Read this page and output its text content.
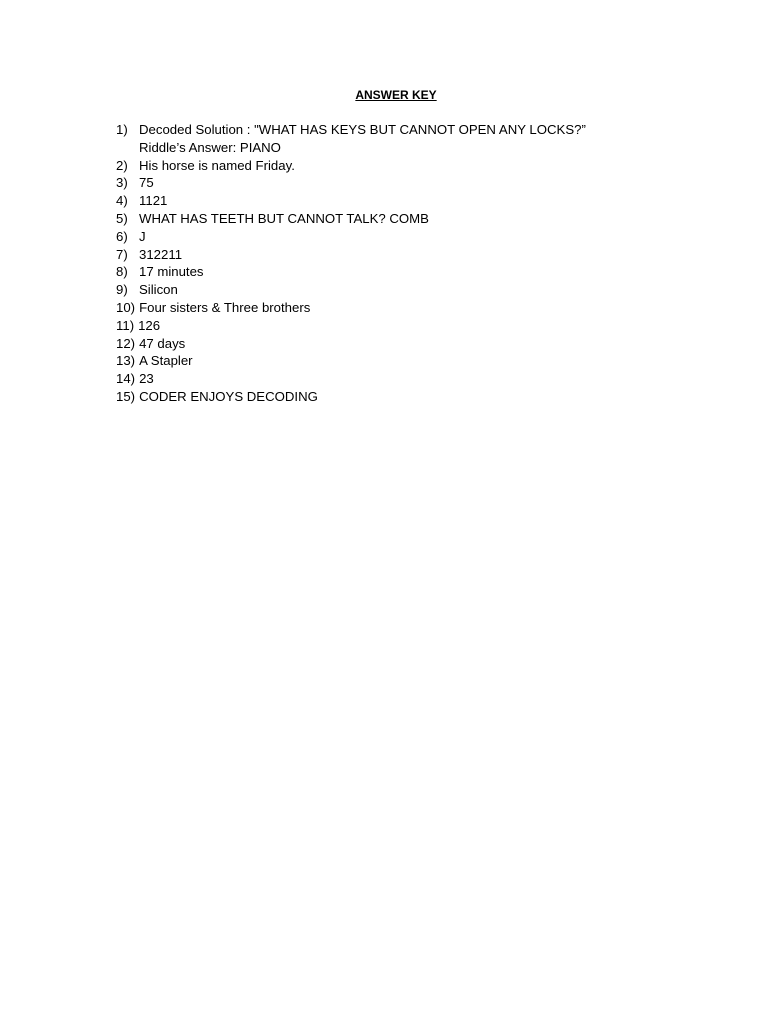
ANSWER KEY
1) Decoded Solution : "WHAT HAS KEYS BUT CANNOT OPEN ANY LOCKS?”
Riddle’s Answer: PIANO
2) His horse is named Friday.
3) 75
4) 1121
5) WHAT HAS TEETH BUT CANNOT TALK? COMB
6) J
7) 312211
8) 17 minutes
9) Silicon
10) Four sisters & Three brothers
11) 126
12) 47 days
13) A Stapler
14) 23
15) CODER ENJOYS DECODING
